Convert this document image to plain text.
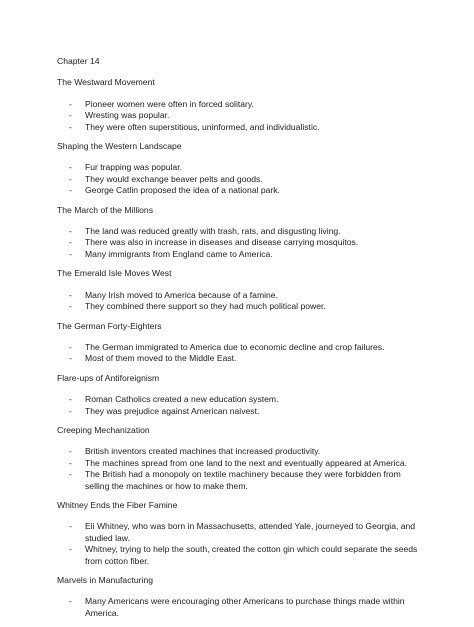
Chapter 14
The Westward Movement
- Pioneer women were often in forced solitary.
- Wresting was popular.
- They were often superstitious, uninformed, and individualistic.
Shaping the Western Landscape
- Fur trapping was popular.
- They would exchange beaver pelts and goods.
- George Catlin proposed the idea of a national park.
The March of the Millions
- The land was reduced greatly with trash, rats, and disgusting living.
- There was also in increase in diseases and disease carrying mosquitos.
- Many immigrants from England came to America.
The Emerald Isle Moves West
- Many Irish moved to America because of a famine.
- They combined there support so they had much political power.
The German Forty-Eighters
- The German immigrated to America due to economic decline and crop failures.
- Most of them moved to the Middle East.
Flare-ups of Antiforeignism
- Roman Catholics created a new education system.
- They was prejudice against American naivest.
Creeping Mechanization
- British inventors created machines that increased productivity.
- The machines spread from one land to the next and eventually appeared at America.
- The British had a monopoly on textile machinery because they were forbidden from selling the machines or how to make them.
Whitney Ends the Fiber Famine
- Eli Whitney, who was born in Massachusetts, attended Yale, journeyed to Georgia, and studied law.
- Whitney, trying to help the south, created the cotton gin which could separate the seeds from cotton fiber.
Marvels in Manufacturing
- Many Americans were encouraging other Americans to purchase things made within America.
